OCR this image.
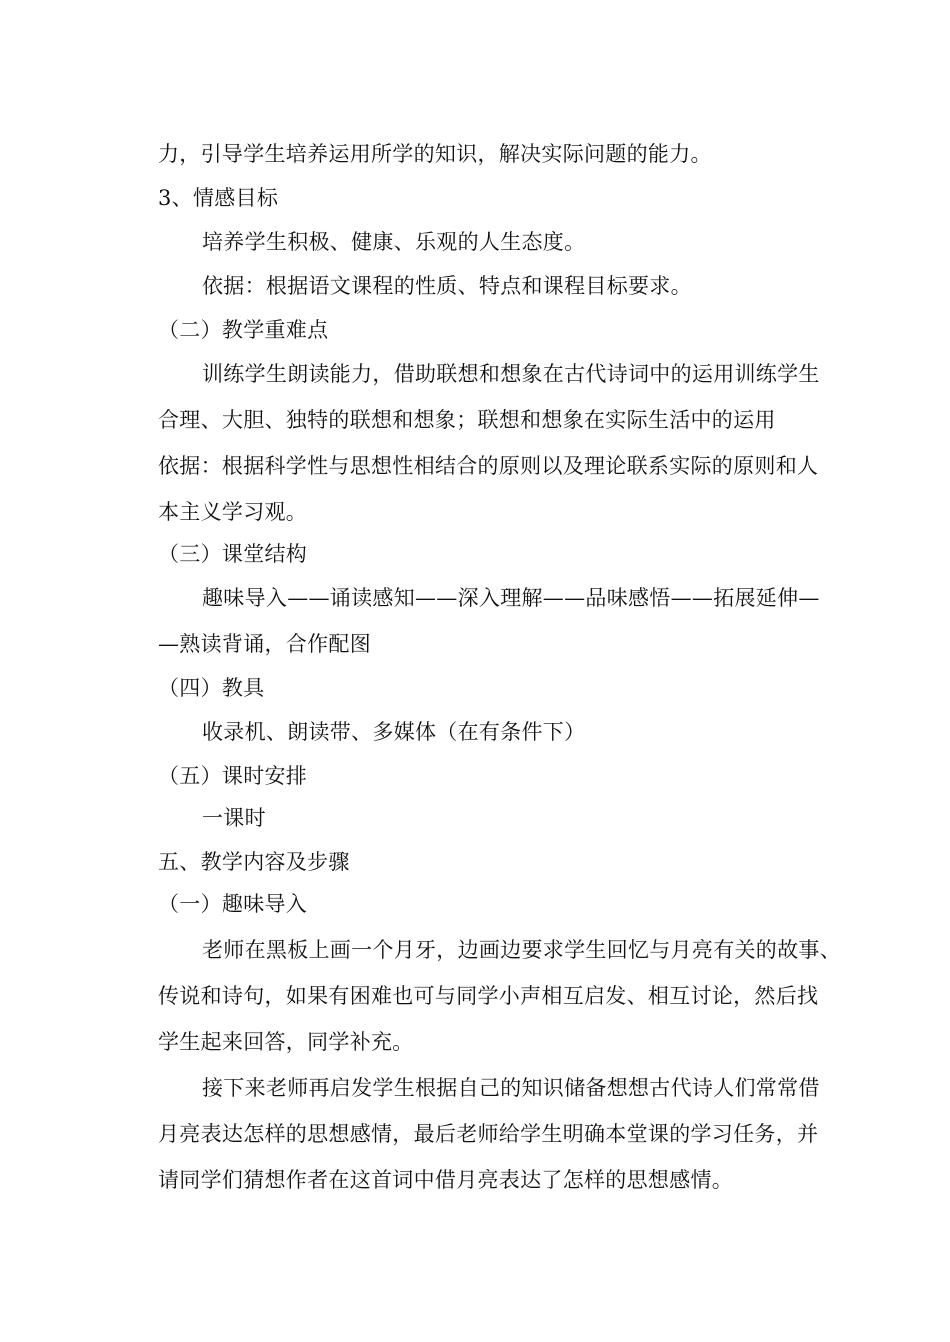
力，引导学生培养运用所学的知识，解决实际问题的能力。
3、情感目标
培养学生积极、健康、乐观的人生态度。
依据：根据语文课程的性质、特点和课程目标要求。
（二）教学重难点
训练学生朗读能力，借助联想和想象在古代诗词中的运用训练学生
合理、大胆、独特的联想和想象；联想和想象在实际生活中的运用
依据：根据科学性与思想性相结合的原则以及理论联系实际的原则和人
本主义学习观。
（三）课堂结构
趣味导入——诵读感知——深入理解——品味感悟——拓展延伸—
—熟读背诵，合作配图
（四）教具
收录机、朗读带、多媒体（在有条件下）
（五）课时安排
一课时
五、教学内容及步骤
（一）趣味导入
老师在黑板上画一个月牙，边画边要求学生回忆与月亮有关的故事、
传说和诗句，如果有困难也可与同学小声相互启发、相互讨论，然后找
学生起来回答，同学补充。
接下来老师再启发学生根据自己的知识储备想想古代诗人们常常借
月亮表达怎样的思想感情，最后老师给学生明确本堂课的学习任务，并
请同学们猜想作者在这首词中借月亮表达了怎样的思想感情。
